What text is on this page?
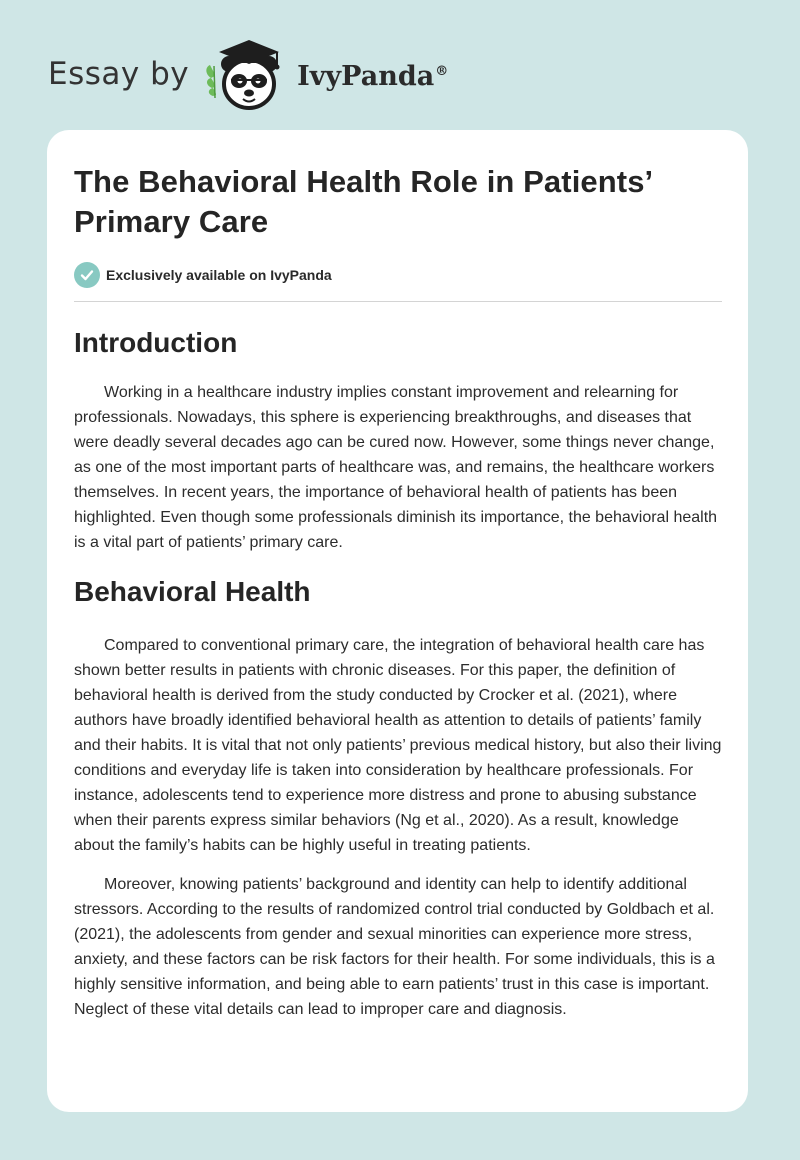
Essay by	IvyPanda®
The Behavioral Health Role in Patients’ Primary Care
Exclusively available on IvyPanda
Introduction

Working in a healthcare industry implies constant improvement and relearning for professionals. Nowadays, this sphere is experiencing breakthroughs, and diseases that were deadly several decades ago can be cured now. However, some things never change, as one of the most important parts of healthcare was, and remains, the healthcare workers themselves. In recent years, the importance of behavioral health of patients has been highlighted. Even though some professionals diminish its importance, the behavioral health is a vital part of patients’ primary care.

Behavioral Health

Compared to conventional primary care, the integration of behavioral health care has shown better results in patients with chronic diseases. For this paper, the definition of behavioral health is derived from the study conducted by Crocker et al. (2021), where authors have broadly identified behavioral health as attention to details of patients’ family and their habits. It is vital that not only patients’ previous medical history, but also their living conditions and everyday life is taken into consideration by healthcare professionals. For instance, adolescents tend to experience more distress and prone to abusing substance when their parents express similar behaviors (Ng et al., 2020). As a result, knowledge about the family’s habits can be highly useful in treating patients.

Moreover, knowing patients’ background and identity can help to identify additional stressors. According to the results of randomized control trial conducted by Goldbach et al. (2021), the adolescents from gender and sexual minorities can experience more stress, anxiety, and these factors can be risk factors for their health. For some individuals, this is a highly sensitive information, and being able to earn patients’ trust in this case is important. Neglect of these vital details can lead to improper care and diagnosis.
